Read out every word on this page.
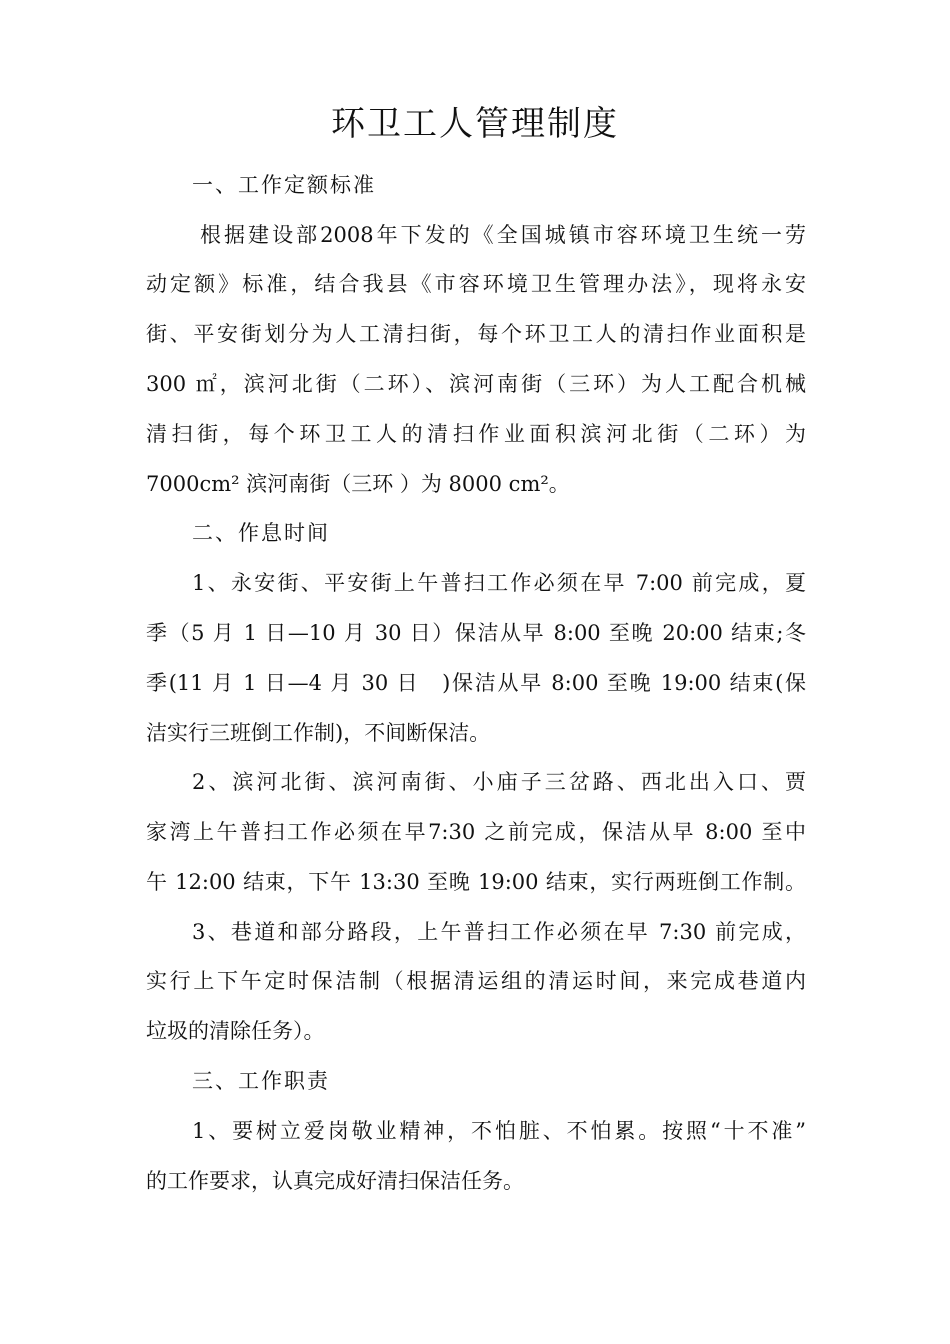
环卫工人管理制度
一、工作定额标准
根据建设部2008年下发的《全国城镇市容环境卫生统一劳
动定额》标准，结合我县《市容环境卫生管理办法》，现将永安
街、平安街划分为人工清扫街，每个环卫工人的清扫作业面积是
300 ㎡，滨河北街（二环）、滨河南街（三环）为人工配合机械
清扫街，每个环卫工人的清扫作业面积滨河北街（二环）为
7000cm² 滨河南街（三环 ）为 8000 cm²。
二、作息时间
1、永安街、平安街上午普扫工作必须在早 7:00 前完成，夏
季（5 月 1 日—10 月 30 日）保洁从早 8:00 至晚 20:00 结束;冬
季(11 月 1 日—4 月 30 日　)保洁从早 8:00 至晚 19:00 结束(保
洁实行三班倒工作制)，不间断保洁。
2、滨河北街、滨河南街、小庙子三岔路、西北出入口、贾
家湾上午普扫工作必须在早7:30 之前完成，保洁从早 8:00 至中
午 12:00 结束，下午 13:30 至晚 19:00 结束，实行两班倒工作制。
3、巷道和部分路段，上午普扫工作必须在早 7:30 前完成，
实行上下午定时保洁制（根据清运组的清运时间，来完成巷道内
垃圾的清除任务）。
三、工作职责
1、要树立爱岗敬业精神，不怕脏、不怕累。按照“十不准”
的工作要求，认真完成好清扫保洁任务。
